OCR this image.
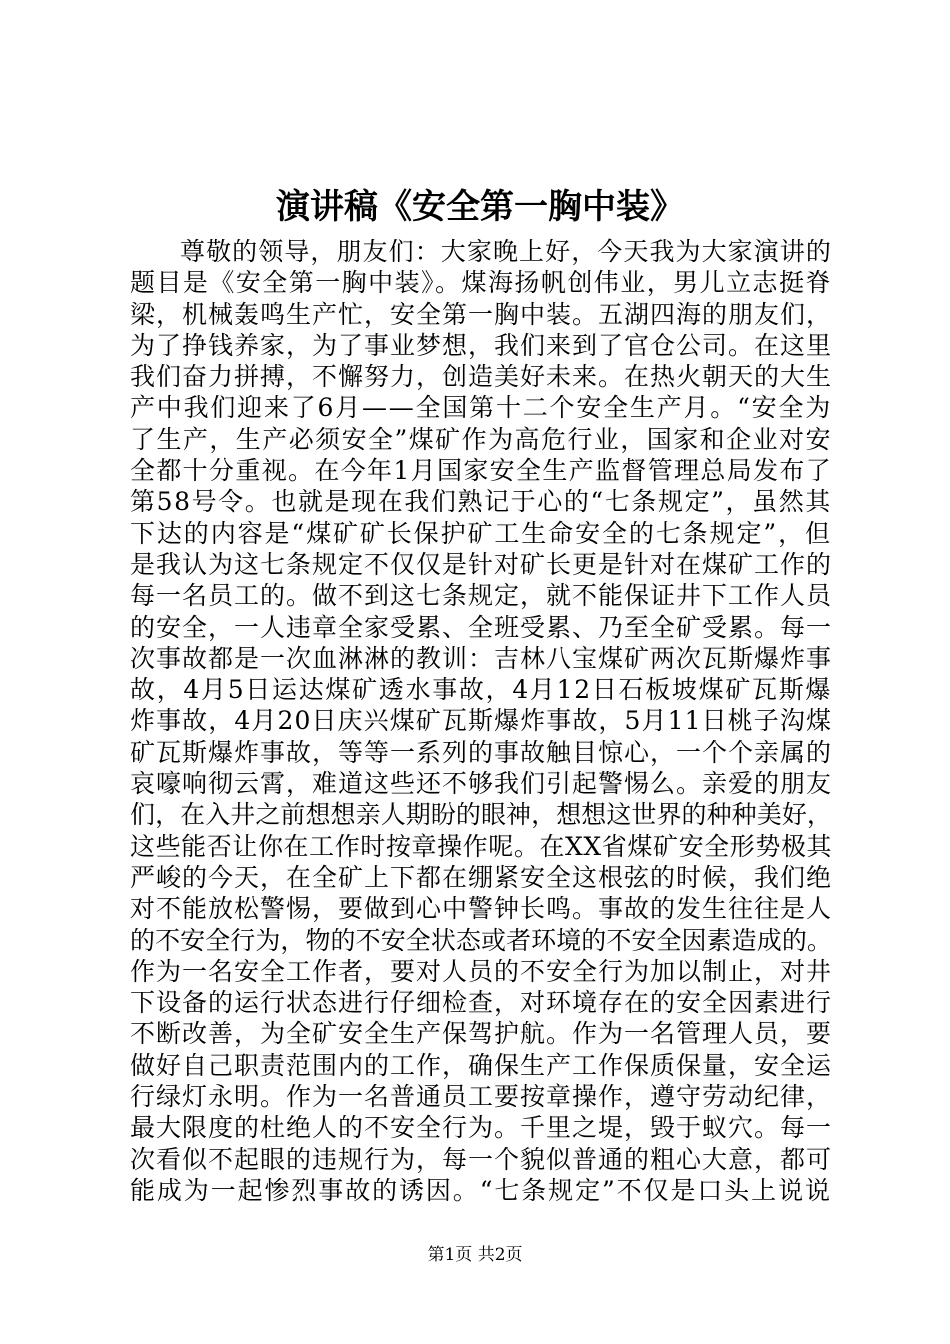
演讲稿《安全第一胸中装》
尊敬的领导，朋友们：大家晚上好，今天我为大家演讲的
题目是《安全第一胸中装》。煤海扬帆创伟业，男儿立志挺脊
梁，机械轰鸣生产忙，安全第一胸中装。五湖四海的朋友们，
为了挣钱养家，为了事业梦想，我们来到了官仓公司。在这里
我们奋力拼搏，不懈努力，创造美好未来。在热火朝天的大生
产中我们迎来了6月——全国第十二个安全生产月。“安全为
了生产，生产必须安全”煤矿作为高危行业，国家和企业对安
全都十分重视。在今年1月国家安全生产监督管理总局发布了
第58号令。也就是现在我们熟记于心的“七条规定”，虽然其
下达的内容是“煤矿矿长保护矿工生命安全的七条规定”，但
是我认为这七条规定不仅仅是针对矿长更是针对在煤矿工作的
每一名员工的。做不到这七条规定，就不能保证井下工作人员
的安全，一人违章全家受累、全班受累、乃至全矿受累。每一
次事故都是一次血淋淋的教训：吉林八宝煤矿两次瓦斯爆炸事
故，4月5日运达煤矿透水事故，4月12日石板坡煤矿瓦斯爆
炸事故，4月20日庆兴煤矿瓦斯爆炸事故，5月11日桃子沟煤
矿瓦斯爆炸事故，等等一系列的事故触目惊心，一个个亲属的
哀嚎响彻云霄，难道这些还不够我们引起警惕么。亲爱的朋友
们，在入井之前想想亲人期盼的眼神，想想这世界的种种美好，
这些能否让你在工作时按章操作呢。在XX省煤矿安全形势极其
严峻的今天，在全矿上下都在绷紧安全这根弦的时候，我们绝
对不能放松警惕，要做到心中警钟长鸣。事故的发生往往是人
的不安全行为，物的不安全状态或者环境的不安全因素造成的。
作为一名安全工作者，要对人员的不安全行为加以制止，对井
下设备的运行状态进行仔细检查，对环境存在的安全因素进行
不断改善，为全矿安全生产保驾护航。作为一名管理人员，要
做好自己职责范围内的工作，确保生产工作保质保量，安全运
行绿灯永明。作为一名普通员工要按章操作，遵守劳动纪律，
最大限度的杜绝人的不安全行为。千里之堤，毁于蚁穴。每一
次看似不起眼的违规行为，每一个貌似普通的粗心大意，都可
能成为一起惨烈事故的诱因。“七条规定”不仅是口头上说说
第1页 共2页
